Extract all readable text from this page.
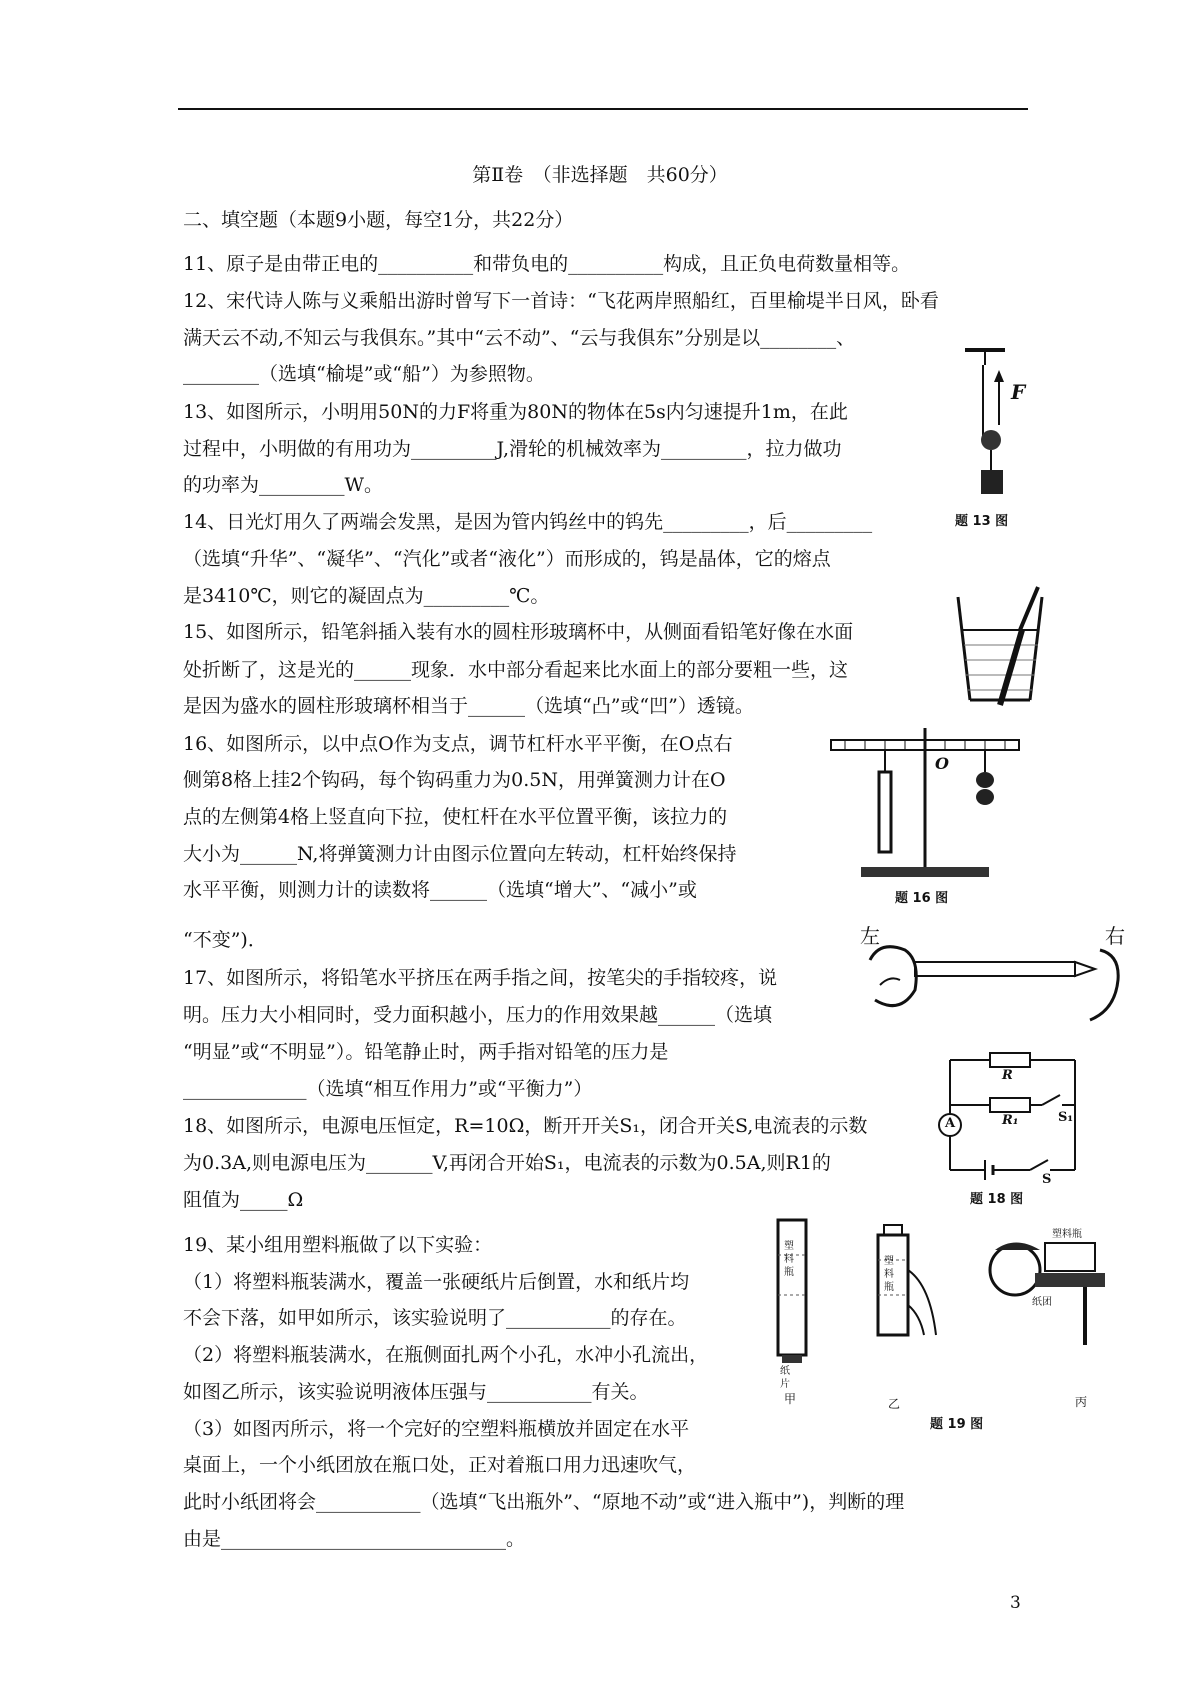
第Ⅱ卷　（非选择题　共60分）
二、填空题（本题9小题，每空1分，共22分）
11、原子是由带正电的__________和带负电的__________构成，且正负电荷数量相等。
12、宋代诗人陈与义乘船出游时曾写下一首诗：“飞花两岸照船红，百里榆堤半日风，卧看
满天云不动,不知云与我俱东。”其中“云不动”、“云与我俱东”分别是以________、
________（选填“榆堤”或“船”）为参照物。
13、如图所示，小明用50N的力F将重为80N的物体在5s内匀速提升1m，在此
过程中，小明做的有用功为_________J,滑轮的机械效率为_________，拉力做功
的功率为_________W。
14、日光灯用久了两端会发黑，是因为管内钨丝中的钨先_________，后_________
（选填“升华”、“凝华”、“汽化”或者“液化”）而形成的，钨是晶体，它的熔点
是3410℃，则它的凝固点为_________℃。
15、如图所示，铅笔斜插入装有水的圆柱形玻璃杯中，从侧面看铅笔好像在水面
处折断了，这是光的______现象．水中部分看起来比水面上的部分要粗一些，这
是因为盛水的圆柱形玻璃杯相当于______（选填“凸”或“凹”）透镜。
16、如图所示，以中点O作为支点，调节杠杆水平平衡，在O点右
侧第8格上挂2个钩码，每个钩码重力为0.5N，用弹簧测力计在O
点的左侧第4格上竖直向下拉，使杠杆在水平位置平衡，该拉力的
大小为______N,将弹簧测力计由图示位置向左转动，杠杆始终保持
水平平衡，则测力计的读数将______（选填“增大”、“减小”或
“不变”)．
17、如图所示，将铅笔水平挤压在两手指之间，按笔尖的手指较疼，说
明。压力大小相同时，受力面积越小，压力的作用效果越______（选填
“明显”或“不明显”）。铅笔静止时，两手指对铅笔的压力是
_____________（选填“相互作用力”或“平衡力”）
18、如图所示，电源电压恒定，R=10Ω，断开开关S₁，闭合开关S,电流表的示数
为0.3A,则电源电压为_______V,再闭合开始S₁，电流表的示数为0.5A,则R1的
阻值为_____Ω
19、某小组用塑料瓶做了以下实验：
（1）将塑料瓶装满水，覆盖一张硬纸片后倒置，水和纸片均
不会下落，如甲如所示，该实验说明了___________的存在。
（2）将塑料瓶装满水，在瓶侧面扎两个小孔，水冲小孔流出，
如图乙所示，该实验说明液体压强与___________有关。
（3）如图丙所示，将一个完好的空塑料瓶横放并固定在水平
桌面上，一个小纸团放在瓶口处，正对着瓶口用力迅速吹气，
此时小纸团将会___________（选填“飞出瓶外”、“原地不动”或“进入瓶中”)，判断的理
由是______________________________。
F
题 13 图
O
题 16 图
左	右
R
R₁	S₁
A
S
题 18 图
塑料瓶
塑料瓶
塑料瓶
纸片
纸团
甲	乙	丙
题 19 图
3
